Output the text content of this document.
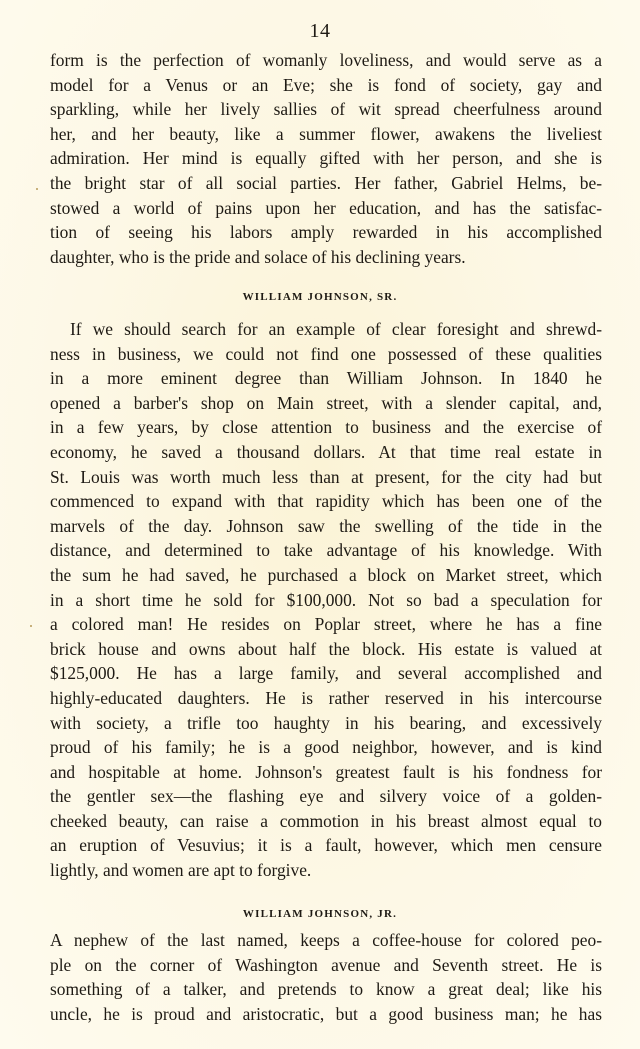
14
form is the perfection of womanly loveliness, and would serve as a
model for a Venus or an Eve; she is fond of society, gay and
sparkling, while her lively sallies of wit spread cheerfulness around
her, and her beauty, like a summer flower, awakens the liveliest
admiration. Her mind is equally gifted with her person, and she is
the bright star of all social parties. Her father, Gabriel Helms, be-
stowed a world of pains upon her education, and has the satisfac-
tion of seeing his labors amply rewarded in his accomplished
daughter, who is the pride and solace of his declining years.
WILLIAM JOHNSON, SR.
If we should search for an example of clear foresight and shrewd-
ness in business, we could not find one possessed of these qualities
in a more eminent degree than William Johnson. In 1840 he
opened a barber's shop on Main street, with a slender capital, and,
in a few years, by close attention to business and the exercise of
economy, he saved a thousand dollars. At that time real estate in
St. Louis was worth much less than at present, for the city had but
commenced to expand with that rapidity which has been one of the
marvels of the day. Johnson saw the swelling of the tide in the
distance, and determined to take advantage of his knowledge. With
the sum he had saved, he purchased a block on Market street, which
in a short time he sold for $100,000. Not so bad a speculation for
a colored man! He resides on Poplar street, where he has a fine
brick house and owns about half the block. His estate is valued at
$125,000. He has a large family, and several accomplished and
highly-educated daughters. He is rather reserved in his intercourse
with society, a trifle too haughty in his bearing, and excessively
proud of his family; he is a good neighbor, however, and is kind
and hospitable at home. Johnson's greatest fault is his fondness for
the gentler sex—the flashing eye and silvery voice of a golden-
cheeked beauty, can raise a commotion in his breast almost equal to
an eruption of Vesuvius; it is a fault, however, which men censure
lightly, and women are apt to forgive.
WILLIAM JOHNSON, JR.
A nephew of the last named, keeps a coffee-house for colored peo-
ple on the corner of Washington avenue and Seventh street. He is
something of a talker, and pretends to know a great deal; like his
uncle, he is proud and aristocratic, but a good business man; he has
